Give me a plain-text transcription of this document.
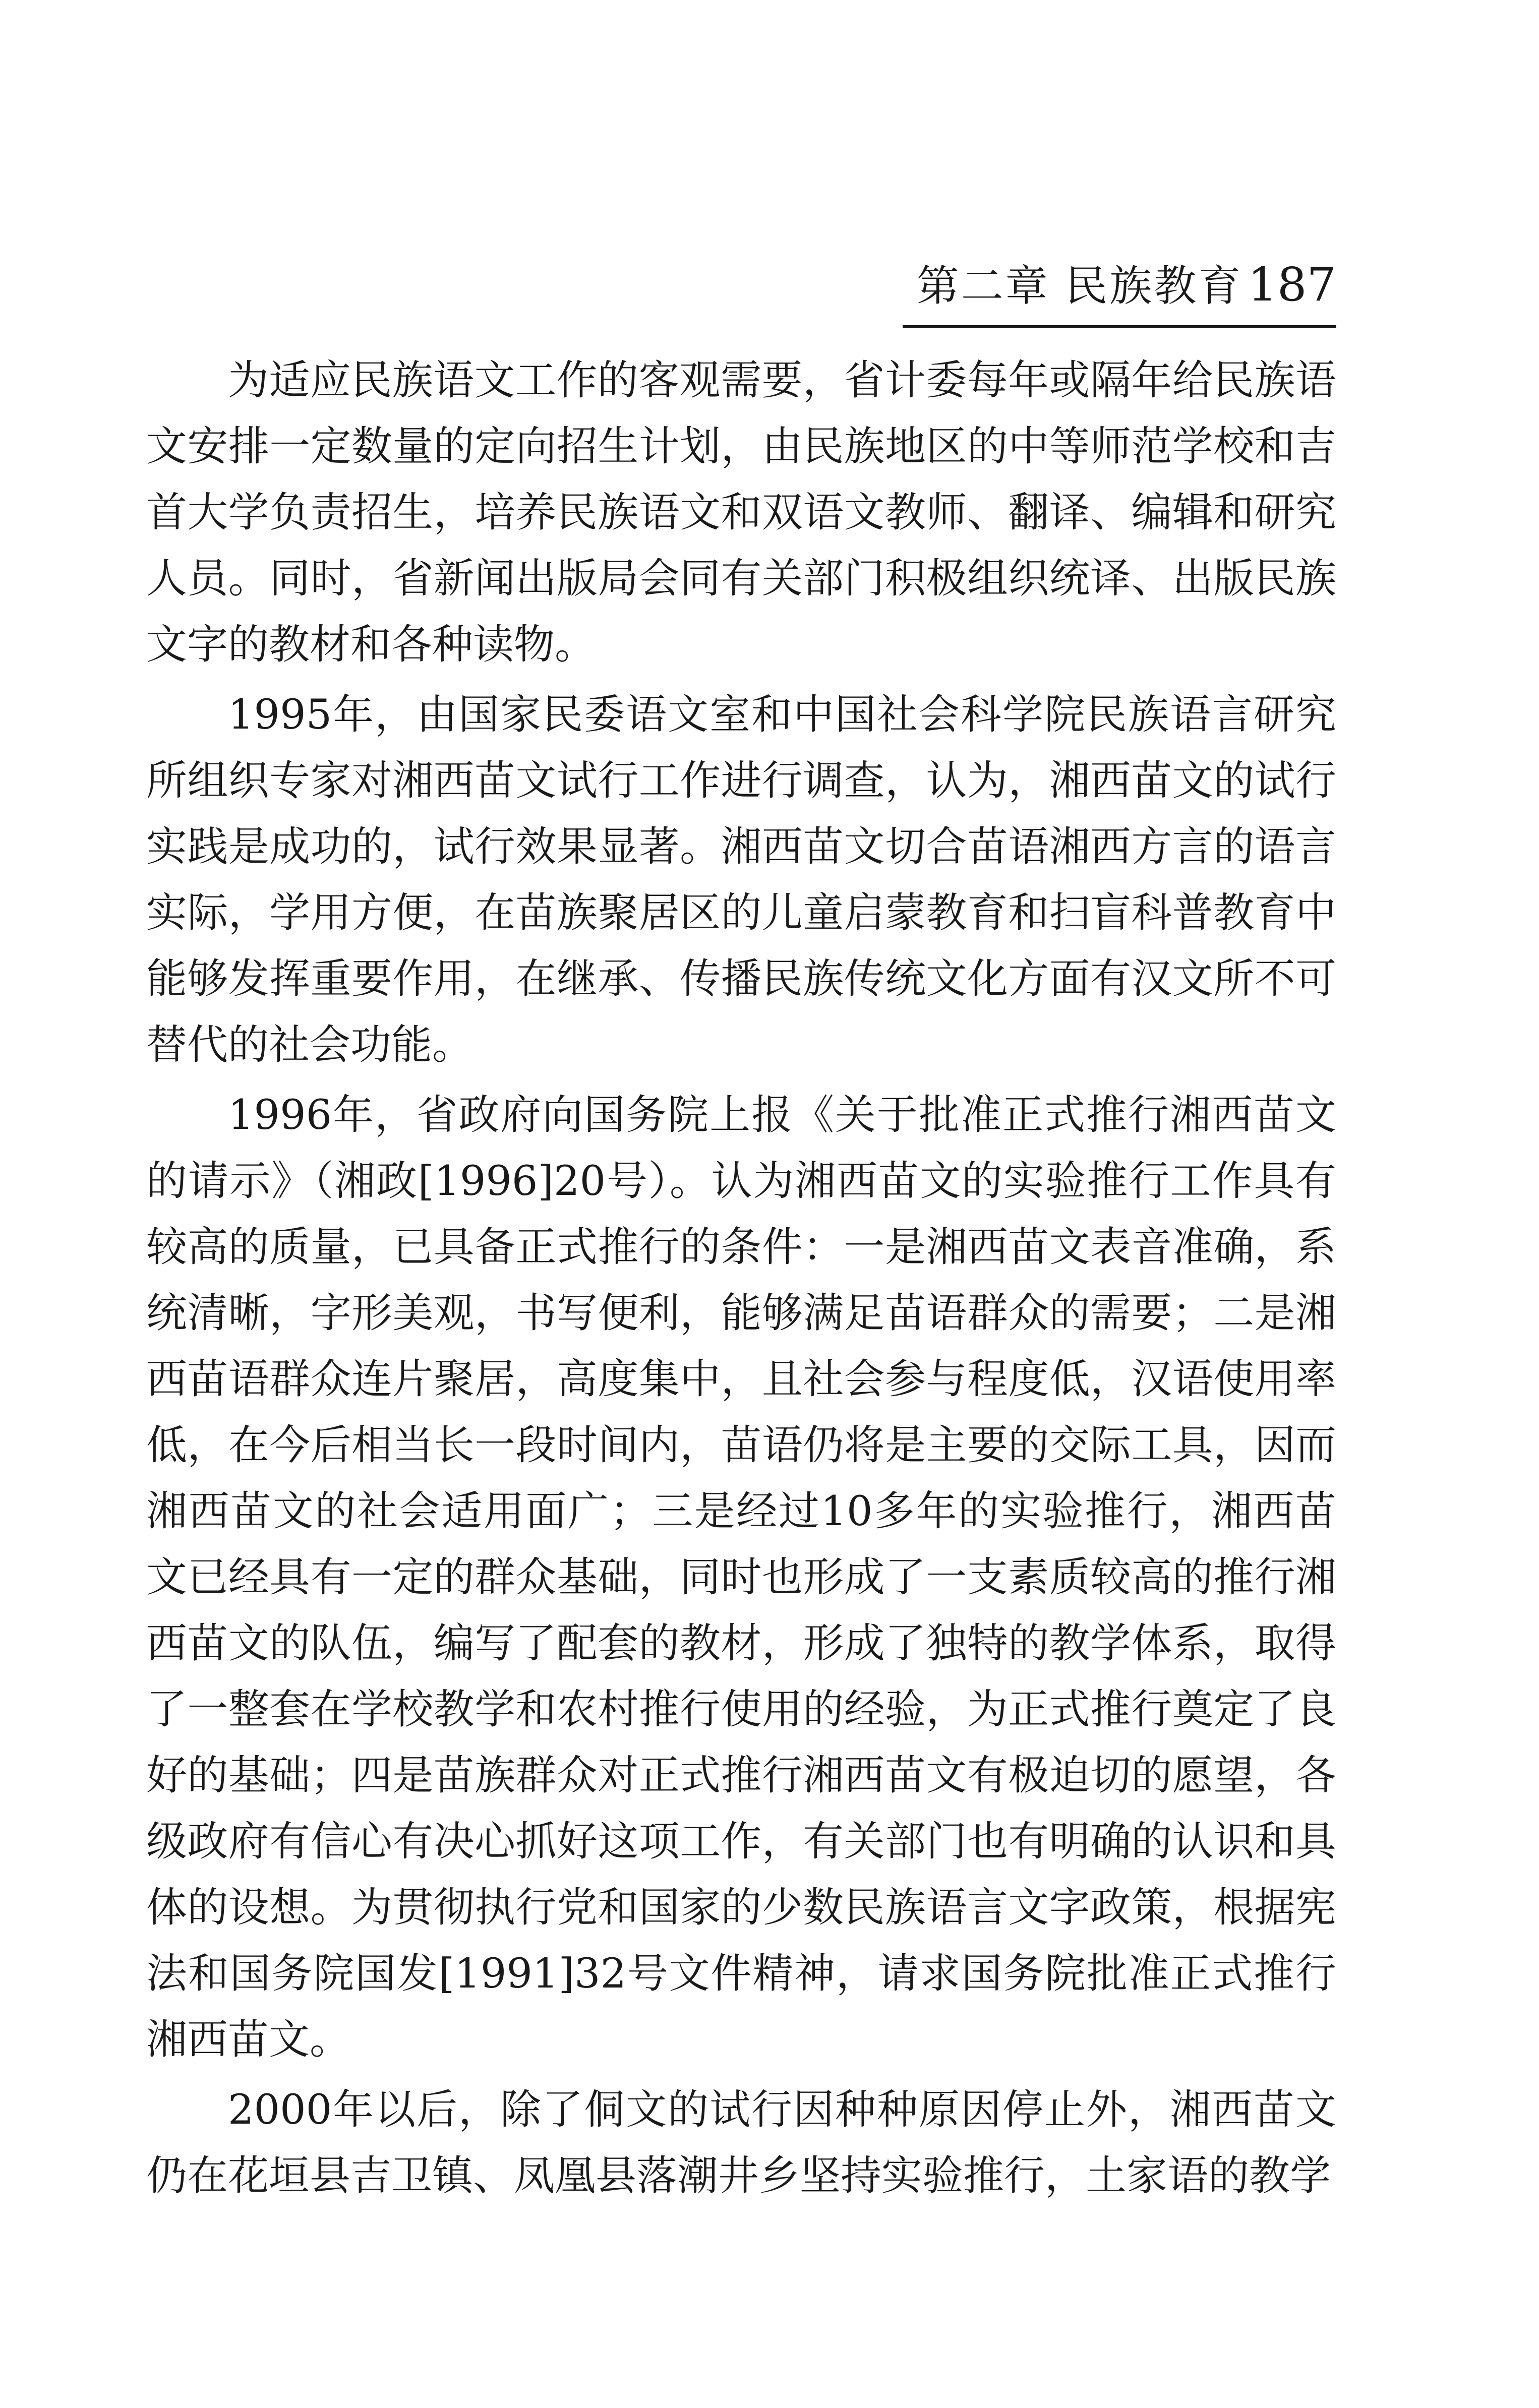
第二章 民族教育 187

为适应民族语文工作的客观需要，省计委每年或隔年给民族语文安排一定数量的定向招生计划，由民族地区的中等师范学校和吉首大学负责招生，培养民族语文和双语文教师、翻译、编辑和研究人员。同时，省新闻出版局会同有关部门积极组织统译、出版民族文字的教材和各种读物。

1995年，由国家民委语文室和中国社会科学院民族语言研究所组织专家对湘西苗文试行工作进行调查，认为，湘西苗文的试行实践是成功的，试行效果显著。湘西苗文切合苗语湘西方言的语言实际，学用方便，在苗族聚居区的儿童启蒙教育和扫盲科普教育中能够发挥重要作用，在继承、传播民族传统文化方面有汉文所不可替代的社会功能。

1996年，省政府向国务院上报《关于批准正式推行湘西苗文的请示》（湘政[1996]20号）。认为湘西苗文的实验推行工作具有较高的质量，已具备正式推行的条件：一是湘西苗文表音准确，系统清晰，字形美观，书写便利，能够满足苗语群众的需要；二是湘西苗语群众连片聚居，高度集中，且社会参与程度低，汉语使用率低，在今后相当长一段时间内，苗语仍将是主要的交际工具，因而湘西苗文的社会适用面广；三是经过10多年的实验推行，湘西苗文已经具有一定的群众基础，同时也形成了一支素质较高的推行湘西苗文的队伍，编写了配套的教材，形成了独特的教学体系，取得了一整套在学校教学和农村推行使用的经验，为正式推行奠定了良好的基础；四是苗族群众对正式推行湘西苗文有极迫切的愿望，各级政府有信心有决心抓好这项工作，有关部门也有明确的认识和具体的设想。为贯彻执行党和国家的少数民族语言文字政策，根据宪法和国务院国发[1991]32号文件精神，请求国务院批准正式推行湘西苗文。

2000年以后，除了侗文的试行因种种原因停止外，湘西苗文仍在花垣县吉卫镇、凤凰县落潮井乡坚持实验推行，土家语的教学
